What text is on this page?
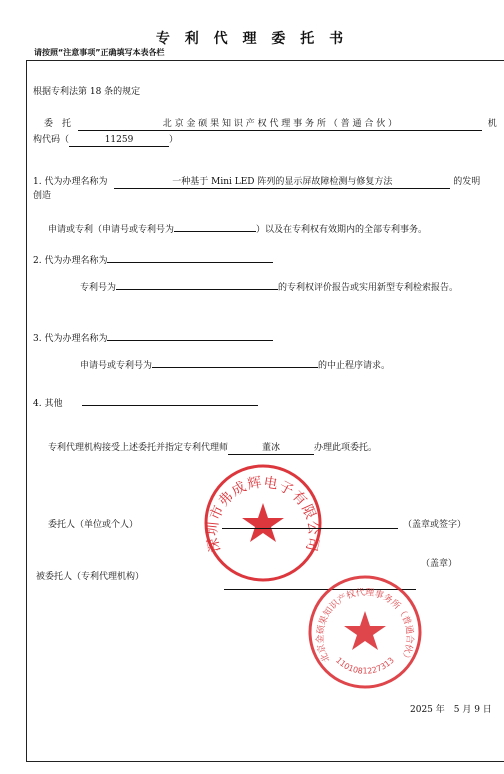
专 利 代 理 委 托 书
请按照“注意事项”正确填写本表各栏
根据专利法第 18 条的规定
委　托	北 京 金 硕 果 知 识 产 权 代 理 事 务 所 （ 普 通 合 伙 ）	机
构代码（	11259	）
1. 代为办理名称为	一种基于 Mini LED 阵列的显示屏故障检测与修复方法	的发明
创造
申请或专利（申请号或专利号为	）以及在专利权有效期内的全部专利事务。
2. 代为办理名称为
专利号为	的专利权评价报告或实用新型专利检索报告。
3. 代为办理名称为
申请号或专利号为	的中止程序请求。
4. 其他
专利代理机构接受上述委托并指定专利代理师	董冰	办理此项委托。
深圳市弗成辉电子有限公司
委托人（单位或个人）	（盖章或签字）
（盖章）
被委托人（专利代理机构）
北京金硕果知识产权代理事务所（普通合伙）
1101081227313
2025 年　5 月 9 日
